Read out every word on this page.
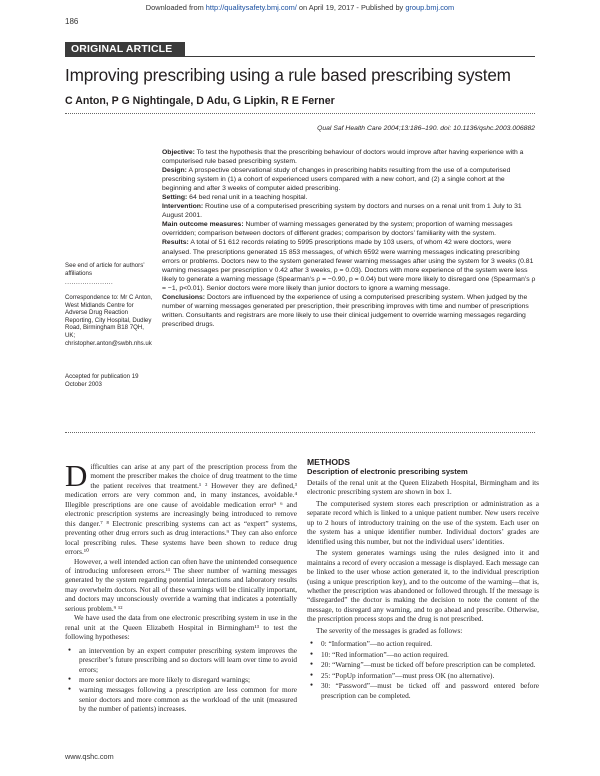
Downloaded from http://qualitysafety.bmj.com/ on April 19, 2017 - Published by group.bmj.com
186
ORIGINAL ARTICLE
Improving prescribing using a rule based prescribing system
C Anton, P G Nightingale, D Adu, G Lipkin, R E Ferner
Qual Saf Health Care 2004;13:186–190. doi: 10.1136/qshc.2003.006882

Objective: To test the hypothesis that the prescribing behaviour of doctors would improve after having experience with a computerised rule based prescribing system.

Design: A prospective observational study of changes in prescribing habits resulting from the use of a computerised prescribing system in (1) a cohort of experienced users compared with a new cohort, and (2) a single cohort at the beginning and after 3 weeks of computer aided prescribing.

Setting: 64 bed renal unit in a teaching hospital.

Intervention: Routine use of a computerised prescribing system by doctors and nurses on a renal unit from 1 July to 31 August 2001.

Main outcome measures: Number of warning messages generated by the system; proportion of warning messages overridden; comparison between doctors of different grades; comparison by doctors’ familiarity with the system.

Results: A total of 51 612 records relating to 5995 prescriptions made by 103 users, of whom 42 were doctors, were analysed. The prescriptions generated 15 853 messages, of which 6592 were warning messages indicating prescribing errors or problems. Doctors new to the system generated fewer warning messages after using the system for 3 weeks (0.81 warning messages per prescription v 0.42 after 3 weeks, p = 0.03). Doctors with more experience of the system were less likely to generate a warning message (Spearman’s ρ = −0.90, p = 0.04) but were more likely to disregard one (Spearman’s ρ = −1, p<0.01). Senior doctors were more likely than junior doctors to ignore a warning message.

Conclusions: Doctors are influenced by the experience of using a computerised prescribing system. When judged by the number of warning messages generated per prescription, their prescribing improves with time and number of prescriptions written. Consultants and registrars are more likely to use their clinical judgement to override warning messages regarding prescribed drugs.

See end of article for authors’ affiliations
......................
Correspondence to: Mr C Anton, West Midlands Centre for Adverse Drug Reaction Reporting, City Hospital, Dudley Road, Birmingham B18 7QH, UK; christopher.anton@swbh.nhs.uk
Accepted for publication 19 October 2003

Difficulties can arise at any part of the prescription process from the moment the prescriber makes the choice of drug treatment to the time the patient receives that treatment.¹ ² However they are defined,³ medication errors are very common and, in many instances, avoidable.⁴ Illegible prescriptions are one cause of avoidable medication error⁵ ⁶ and electronic prescription systems are increasingly being introduced to remove this danger.⁷ ⁸ Electronic prescribing systems can act as “expert” systems, preventing other drug errors such as drug interactions.⁹ They can also enforce local prescribing rules. These systems have been shown to reduce drug errors.¹⁰

However, a well intended action can often have the unintended consequence of introducing unforeseen errors.¹¹ The sheer number of warning messages generated by the system regarding potential interactions and laboratory results may overwhelm doctors. Not all of these warnings will be clinically important, and doctors may unconsciously override a warning that indicates a potentially serious problem.⁹ ¹²

We have used the data from one electronic prescribing system in use in the renal unit at the Queen Elizabeth Hospital in Birmingham¹³ to test the following hypotheses:

● an intervention by an expert computer prescribing system improves the prescriber’s future prescribing and so doctors will learn over time to avoid errors;
● more senior doctors are more likely to disregard warnings;
● warning messages following a prescription are less common for more senior doctors and more common as the workload of the unit (measured by the number of patients) increases.
METHODS
Description of electronic prescribing system

Details of the renal unit at the Queen Elizabeth Hospital, Birmingham and its electronic prescribing system are shown in box 1.

The computerised system stores each prescription or administration as a separate record which is linked to a unique patient number. New users receive up to 2 hours of introductory training on the use of the system. Each user on the system has a unique identifier number. Individual doctors’ grades are identified using this number, but not the individual users’ identities.

The system generates warnings using the rules designed into it and maintains a record of every occasion a message is displayed. Each message can be linked to the user whose action generated it, to the individual prescription (using a unique prescription key), and to the outcome of the warning—that is, whether the prescription was abandoned or followed through. If the message is “disregarded” the doctor is making the decision to note the content of the message, to disregard any warning, and to go ahead and prescribe. Otherwise, the prescription process stops and the drug is not prescribed.

The severity of the messages is graded as follows:

● 0: “Information”—no action required.
● 10: “Red information”—no action required.
● 20: “Warning”—must be ticked off before prescription can be completed.
● 25: “PopUp information”—must press OK (no alternative).
● 30: “Password”—must be ticked off and password entered before prescription can be completed.
www.qshc.com
